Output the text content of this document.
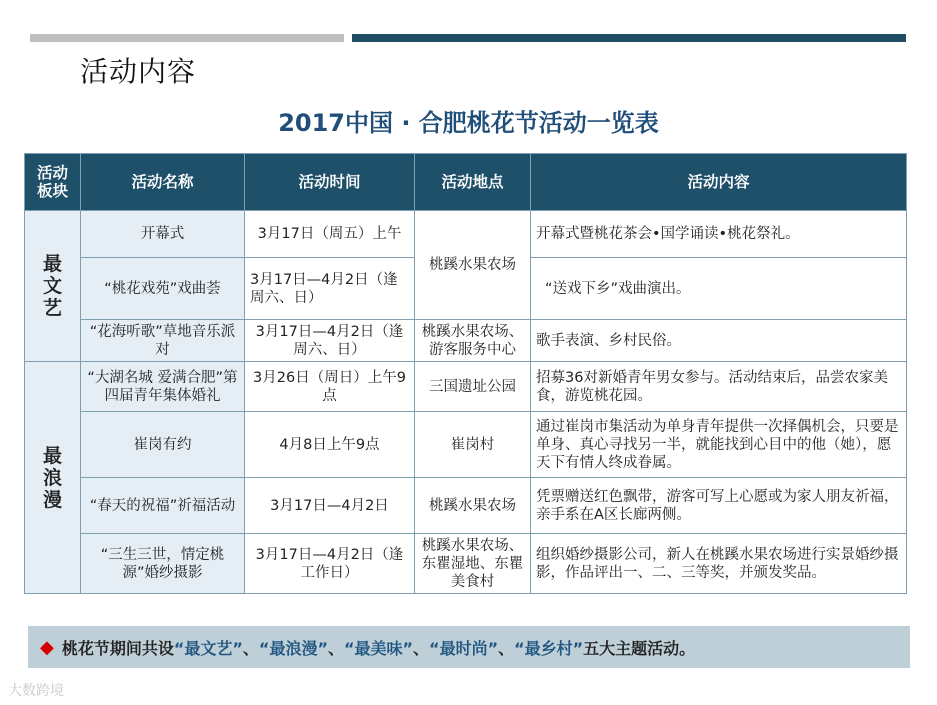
活动内容
2017中国 · 合肥桃花节活动一览表
活动板块	活动名称	活动时间	活动地点	活动内容
最文艺	开幕式	3月17日（周五）上午	桃蹊水果农场	开幕式暨桃花茶会•国学诵读•桃花祭礼。
	“桃花戏苑”戏曲荟	3月17日—4月2日（逢周六、日）		“送戏下乡”戏曲演出。
	“花海听歌”草地音乐派对	3月17日—4月2日（逢周六、日）	桃蹊水果农场、游客服务中心	歌手表演、乡村民俗。
最浪漫	“大湖名城 爱满合肥”第四届青年集体婚礼	3月26日（周日）上午9点	三国遗址公园	招募36对新婚青年男女参与。活动结束后，品尝农家美食，游览桃花园。
	崔岗有约	4月8日上午9点	崔岗村	通过崔岗市集活动为单身青年提供一次择偶机会，只要是单身、真心寻找另一半，就能找到心目中的他（她），愿天下有情人终成眷属。
	“春天的祝福”祈福活动	3月17日—4月2日	桃蹊水果农场	凭票赠送红色飘带，游客可写上心愿或为家人朋友祈福，亲手系在A区长廊两侧。
	“三生三世，情定桃源”婚纱摄影	3月17日—4月2日（逢工作日）	桃蹊水果农场、东瞿湿地、东瞿美食村	组织婚纱摄影公司，新人在桃蹊水果农场进行实景婚纱摄影，作品评出一、二、三等奖，并颁发奖品。
◆ 桃花节期间共设 “最文艺” 、 “最浪漫” 、 “最美味” 、 “最时尚” 、 “最乡村” 五大主题活动。
大数跨境
